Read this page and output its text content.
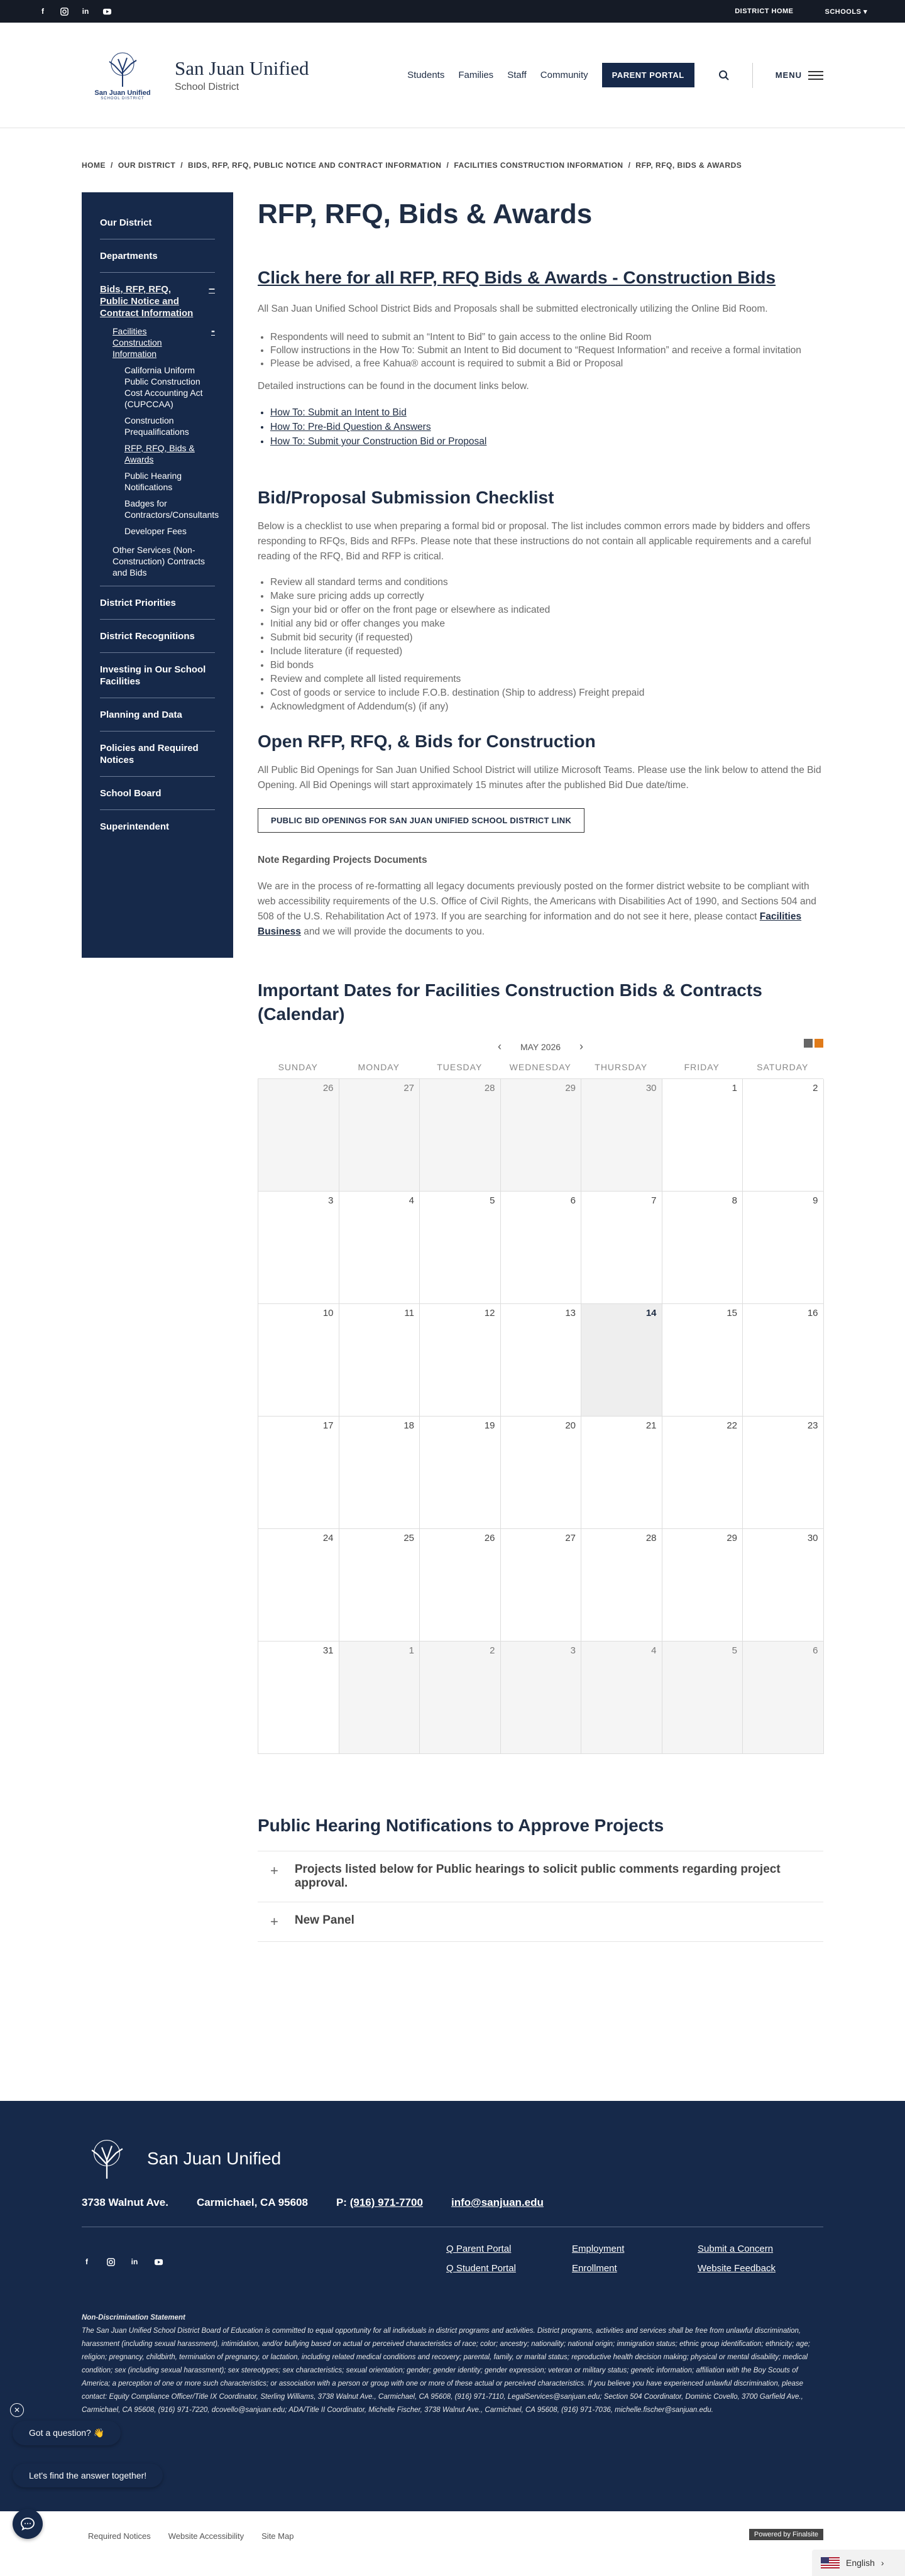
f	in	DISTRICT HOME	SCHOOLS ▾
San Juan Unified
SCHOOL DISTRICT
San Juan Unified
School District
Students Families Staff Community	PARENT PORTAL	MENU
HOME / OUR DISTRICT / BIDS, RFP, RFQ, PUBLIC NOTICE AND CONTRACT INFORMATION / FACILITIES CONSTRUCTION INFORMATION / RFP, RFQ, BIDS & AWARDS
Our District
Departments
Bids, RFP, RFQ, Public Notice and Contract Information
–
Facilities Construction Information
-
California Uniform Public Construction Cost Accounting Act (CUPCCAA)
Construction Prequalifications
RFP, RFQ, Bids & Awards
Public Hearing Notifications
Badges for Contractors/Consultants
Developer Fees
Other Services (Non-Construction) Contracts and Bids
District Priorities
District Recognitions
Investing in Our School Facilities
Planning and Data
Policies and Required Notices
School Board
Superintendent
RFP, RFQ, Bids & Awards
Click here for all RFP, RFQ Bids & Awards - Construction Bids

All San Juan Unified School District Bids and Proposals shall be submitted electronically utilizing the Online Bid Room.

• Respondents will need to submit an “Intent to Bid” to gain access to the online Bid Room
• Follow instructions in the How To: Submit an Intent to Bid document to “Request Information” and receive a formal invitation
• Please be advised, a free Kahua® account is required to submit a Bid or Proposal

Detailed instructions can be found in the document links below.

• How To: Submit an Intent to Bid
• How To: Pre-Bid Question & Answers
• How To: Submit your Construction Bid or Proposal
Bid/Proposal Submission Checklist

Below is a checklist to use when preparing a formal bid or proposal. The list includes common errors made by bidders and offers responding to RFQs, Bids and RFPs. Please note that these instructions do not contain all applicable requirements and a careful reading of the RFQ, Bid and RFP is critical.

• Review all standard terms and conditions
• Make sure pricing adds up correctly
• Sign your bid or offer on the front page or elsewhere as indicated
• Initial any bid or offer changes you make
• Submit bid security (if requested)
• Include literature (if requested)
• Bid bonds
• Review and complete all listed requirements
• Cost of goods or service to include F.O.B. destination (Ship to address) Freight prepaid
• Acknowledgment of Addendum(s) (if any)
Open RFP, RFQ, & Bids for Construction

All Public Bid Openings for San Juan Unified School District will utilize Microsoft Teams. Please use the link below to attend the Bid Opening. All Bid Openings will start approximately 15 minutes after the published Bid Due date/time.

PUBLIC BID OPENINGS FOR SAN JUAN UNIFIED SCHOOL DISTRICT LINK

Note Regarding Projects Documents

We are in the process of re-formatting all legacy documents previously posted on the former district website to be compliant with web accessibility requirements of the U.S. Office of Civil Rights, the Americans with Disabilities Act of 1990, and Sections 504 and 508 of the U.S. Rehabilitation Act of 1973. If you are searching for information and do not see it here, please contact Facilities Business and we will provide the documents to you.

Important Dates for Facilities Construction Bids & Contracts (Calendar)
‹ MAY 2026 ›
SUNDAY	MONDAY	TUESDAY	WEDNESDAY	THURSDAY	FRIDAY	SATURDAY
26	27	28	29	30	1	2
3	4	5	6	7	8	9
10	11	12	13	14	15	16
17	18	19	20	21	22	23
24	25	26	27	28	29	30
31	1	2	3	4	5	6
Public Hearing Notifications to Approve Projects
+ Projects listed below for Public hearings to solicit public comments regarding project approval.
+ New Panel
San Juan Unified
3738 Walnut Ave.	Carmichael, CA 95608	P: (916) 971-7700	info@sanjuan.edu
f	in
Q Parent Portal	Employment	Submit a Concern
Q Student Portal	Enrollment	Website Feedback
Non-Discrimination Statement
The San Juan Unified School District Board of Education is committed to equal opportunity for all individuals in district programs and activities. District programs, activities and services shall be free from unlawful discrimination, harassment (including sexual harassment), intimidation, and/or bullying based on actual or perceived characteristics of race; color; ancestry; nationality; national origin; immigration status; ethnic group identification; ethnicity; age; religion; pregnancy, childbirth, termination of pregnancy, or lactation, including related medical conditions and recovery; parental, family, or marital status; reproductive health decision making; physical or mental disability; medical condition; sex (including sexual harassment); sex stereotypes; sex characteristics; sexual orientation; gender; gender identity; gender expression; veteran or military status; genetic information; affiliation with the Boy Scouts of America; a perception of one or more such characteristics; or association with a person or group with one or more of these actual or perceived characteristics. If you believe you have experienced unlawful discrimination, please contact: Equity Compliance Officer/Title IX Coordinator, Sterling Williams, 3738 Walnut Ave., Carmichael, CA 95608, (916) 971-7110, LegalServices@sanjuan.edu; Section 504 Coordinator, Dominic Covello, 3700 Garfield Ave., Carmichael, CA 95608, (916) 971-7220, dcovello@sanjuan.edu; ADA/Title II Coordinator, Michelle Fischer, 3738 Walnut Ave., Carmichael, CA 95608, (916) 971-7036, michelle.fischer@sanjuan.edu.
Required Notices Website Accessibility Site Map	Powered by Finalsite
English ›
✕
Got a question? 👋
Let's find the answer together!
